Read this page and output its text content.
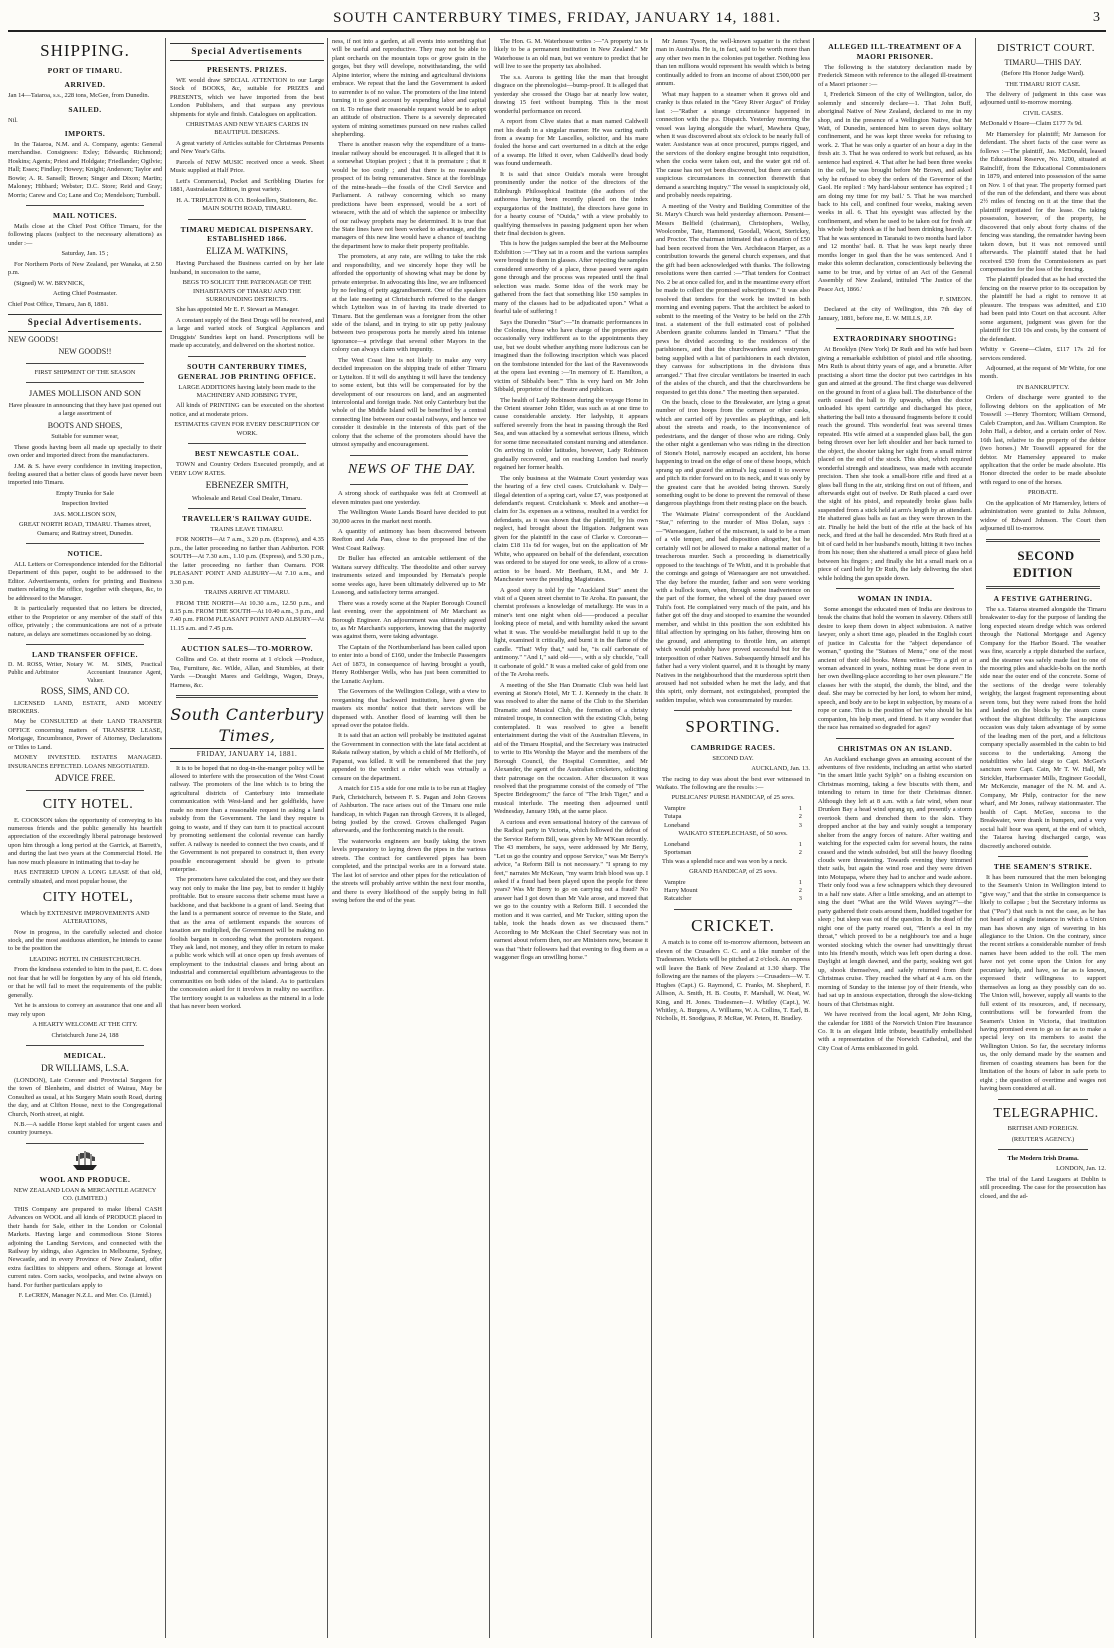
SOUTH CANTERBURY TIMES, FRIDAY, JANUARY 14, 1881.	3
SHIPPING.
PORT OF TIMARU.
ARRIVED.

Jan 14—Taiaroa, s.s., 228 tons, McGee, from Dunedin.

SAILED.

Nil.

IMPORTS.

In the Taiaroa, N.M. and A. Company, agents: General merchandise. Consignees: Exley; Edwards; Richmond; Hoskins; Agents; Priest and Holdgate; Friedlander; Ogilvie; Hall; Essex; Findlay; Howey; Knight; Anderson; Taylor and Bowie; A. R. Sansell; Brown; Singer and Dixon; Martin; Maloney; Hibbard; Webster; D.C. Store; Reid and Gray; Morris; Carew and Co; Lane and Co; Mendelson; Turnbull.

MAIL NOTICES.

Mails close at the Chief Post Office Timaru, for the following places (subject to the necessary alterations) as under :—

Saturday, Jan. 15 ;

For Northern Ports of New Zealand, per Wanaka, at 2.50 p.m.

(Signed) W. W. BRYNICK,

Acting Chief Postmaster.

Chief Post Office, Timaru, Jan 8, 1881.

Special Advertisements.

NEW GOODS!

NEW GOODS!!

FIRST SHIPMENT OF THE SEASON

JAMES MOLLISON AND SON

Have pleasure in announcing that they have just opened out a large assortment of

BOOTS AND SHOES,

Suitable for summer wear,

These goods having been all made up specially to their own order and imported direct from the manufacturers.

J.M. & S. have every confidence in inviting inspection, feeling assured that a better class of goods have never been imported into Timaru.

Empty Trunks for Sale

Inspection Invited

JAS. MOLLISON SON,

GREAT NORTH ROAD, TIMARU. Thames street, Oamaru; and Rattray street, Dunedin.

NOTICE.

ALL Letters or Correspondence intended for the Editorial Department of this paper, ought to be addressed to the Editor. Advertisements, orders for printing and Business matters relating to the office, together with cheques, &c, to be addressed to the Manager.

It is particularly requested that no letters be directed, either to the Proprietor or any member of the staff of this office, privately ; the communications are not of a private nature, as delays are sometimes occasioned by so doing.

LAND TRANSFER OFFICE.
D. M. ROSS, Writer, Notary Public and Arbitrator
W. M. SIMS, Practical Accountant Insurance Agent, Valuer.

ROSS, SIMS, AND CO.

LICENSED LAND, ESTATE, AND MONEY BROKERS.

May be CONSULTED at their LAND TRANSFER OFFICE concerning matters of TRANSFER LEASE, Mortgage, Encumbrance, Power of Attorney, Declarations or Titles to Land.

MONEY INVESTED. ESTATES MANAGED. INSURANCES EFFECTED. LOANS NEGOTIATED.

ADVICE FREE.

CITY HOTEL.

E. COOKSON takes the opportunity of conveying to his numerous friends and the public generally his heartfelt appreciation of the exceedingly liberal patronage bestowed upon him through a long period at the Garrick, at Barrett's, and during the last two years at the Commercial Hotel. He has now much pleasure in intimating that to-day he

HAS ENTERED UPON A LONG LEASE of that old, centrally situated, and most popular house, the

CITY HOTEL,

Which by EXTENSIVE IMPROVEMENTS AND ALTERATIONS,

Now in progress, in the carefully selected and choice stock, and the most assiduous attention, he intends to cause to be the position the

LEADING HOTEL IN CHRISTCHURCH.

From the kindness extended to him in the past, E. C. does not fear that he will be forgotten by any of his old friends, or that he will fail to meet the requirements of the public generally.

Yet he is anxious to convey an assurance that one and all may rely upon

A HEARTY WELCOME AT THE CITY.

Christchurch June 24, 188

MEDICAL.

DR WILLIAMS, L.S.A.

(LONDON), Late Coroner and Provincial Surgeon for the town of Blenheim, and district of Wairau, May be Consulted as usual, at his Surgery Main south Road, during the day, and at Clifton House, next to the Congregational Church, North street, at night.

N.B.—A saddle Horse kept stabled for urgent cases and country journeys.

WOOL AND PRODUCE.

NEW ZEALAND LOAN & MERCANTILE AGENCY CO. (LIMITED.)

THIS Company are prepared to make liberal CASH Advances on WOOL and all kinds of PRODUCE placed in their hands for Sale, either in the London or Colonial Markets. Having large and commodious Stone Stores adjoining the Landing Services, and connected with the Railway by sidings, also Agencies in Melbourne, Sydney, Newcastle, and in every Province of New Zealand, offer extra facilities to shippers and others. Storage at lowest current rates. Corn sacks, woolpacks, and twine always on hand. For further particulars apply to

F. LeCREN, Manager N.Z.L. and Mer. Co. (Limtd.)

Special Advertisements
PRESENTS. PRIZES.

WE would draw SPECIAL ATTENTION to our Large Stock of BOOKS, &c, suitable for PRIZES and PRESENTS, which we have imported from the best London Publishers, and that surpass any previous shipments for style and finish. Catalogues on application.

CHRISTMAS AND NEW YEAR'S CARDS IN BEAUTIFUL DESIGNS.

A great variety of Articles suitable for Christmas Presents and New Year's Gifts.

Parcels of NEW MUSIC received once a week. Sheet Music supplied at Half Price.

Lett's Commercial, Pocket and Scribbling Diaries for 1881, Australasian Edition, in great variety.

H. A. TRIPLETON & CO. Booksellers, Stationers, &c. MAIN SOUTH ROAD, TIMARU.

TIMARU MEDICAL DISPENSARY. ESTABLISHED 1866.

ELIZA M. WATKINS,

Having Purchased the Business carried on by her late husband, in succession to the same,

BEGS TO SOLICIT THE PATRONAGE OF THE INHABITANTS OF TIMARU AND THE SURROUNDING DISTRICTS.

She has appointed Mr E. F. Stewart as Manager.

A constant supply of the Best Drugs will be received, and a large and varied stock of Surgical Appliances and Druggists' Sundries kept on hand. Prescriptions will be made up accurately, and delivered on the shortest notice.

SOUTH CANTERBURY TIMES, GENERAL JOB PRINTING OFFICE.

LARGE ADDITIONS having lately been made to the MACHINERY AND JOBBING TYPE,

All kinds of PRINTING can be executed on the shortest notice, and at moderate prices.

ESTIMATES GIVEN FOR EVERY DESCRIPTION OF WORK.

BEST NEWCASTLE COAL.

TOWN and Country Orders Executed promptly, and at VERY LOW RATES.

EBENEZER SMITH,

Wholesale and Retail Coal Dealer, Timaru.

TRAVELLER'S RAILWAY GUIDE.

TRAINS LEAVE TIMARU.

FOR NORTH—At 7 a.m., 3.20 p.m. (Express), and 4.35 p.m., the latter proceeding no farther than Ashburton. FOR SOUTH—At 7.30 a.m., 1.10 p.m. (Express), and 5.30 p.m., the latter proceeding no farther than Oamaru. FOR PLEASANT POINT AND ALBURY—At 7.10 a.m., and 3.30 p.m.

TRAINS ARRIVE AT TIMARU.

FROM THE NORTH—At 10.30 a.m., 12.50 p.m., and 8.15 p.m. FROM THE SOUTH—At 10.40 a.m., 3 p.m., and 7.40 p.m. FROM PLEASANT POINT AND ALBURY—At 11.15 a.m. and 7.45 p.m.

AUCTION SALES—TO-MORROW.

Collins and Co. at their rooms at 1 o'clock —Produce, Tea, Furniture, &c. Wilde, Allan, and Stumbles, at their Yards —Draught Mares and Geldings, Wagon, Drays, Harness, &c.

South Canterbury Times,
FRIDAY, JANUARY 14, 1881.

It is to be hoped that no dog-in-the-manger policy will be allowed to interfere with the prosecution of the West Coast railway. The promoters of the line which is to bring the agricultural districts of Canterbury into immediate communication with West-land and her goldfields, have made no more than a reasonable request in asking a land subsidy from the Government. The land they require is going to waste, and if they can turn it to practical account by promoting settlement the colonial revenue can hardly suffer. A railway is needed to connect the two coasts, and if the Government is not prepared to construct it, then every possible encouragement should be given to private enterprise.

The promoters have calculated the cost, and they see their way not only to make the line pay, but to render it highly profitable. But to ensure success their scheme must have a backbone, and that backbone is a grant of land. Seeing that the land is a permanent source of revenue to the State, and that as the area of settlement expands the sources of taxation are multiplied, the Government will be making no foolish bargain in conceding what the promoters request. They ask land, not money, and they offer in return to make a public work which will at once open up fresh avenues of employment to the industrial classes and bring about an industrial and commercial equilibrium advantageous to the communities on both sides of the island. As to particulars the concession asked for it involves in reality no sacrifice. The territory sought is as valueless as the mineral in a lode that has never been worked.

ness, if not into a garden, at all events into something that will be useful and reproductive. They may not be able to plant orchards on the mountain tops or grow grain in the gorges, but they will develope, notwithstanding, the wild Alpine interior, where the mining and agricultural divisions embrace. We repeat that the land the Government is asked to surrender is of no value. The promoters of the line intend turning it to good account by expending labor and capital on it. To refuse their reasonable request would be to adopt an attitude of obstruction. There is a severely deprecated system of mining sometimes pursued on new rushes called shepherding.

There is another reason why the expenditure of a trans-insular railway should be encouraged. It is alleged that it is a somewhat Utopian project ; that it is premature ; that it would be too costly ; and that there is no reasonable prospect of its being remunerative. Since at the foreblings of the mine-heads—the fossils of the Civil Service and Parliament. A railway concerning which so many predictions have been expressed, would be a sort of wiseacre, with the aid of which the sapience or imbecility of our railway prophets may be determined. It is true that the State lines have not been worked to advantage, and the managers of this new line would have a chance of teaching the department how to make their property profitable.

The promoters, at any rate, are willing to take the risk and responsibility, and we sincerely hope they will be afforded the opportunity of showing what may be done by private enterprise. In advocating this line, we are influenced by no feeling of petty aggrandisement. One of the speakers at the late meeting at Christchurch referred to the danger which Lyttelton was in of having its trade diverted to Timaru. But the gentleman was a foreigner from the other side of the island, and in trying to stir up petty jealousy between two prosperous ports he merely aired his intense ignorance—a privilege that several other Mayors in the colony can always claim with impunity.

The West Coast line is not likely to make any very decided impression on the shipping trade of either Timaru or Lyttelton. If it will do anything it will have the tendency to some extent, but this will be compensated for by the development of our resources on land, and an augmented intercolonial and foreign trade. Not only Canterbury but the whole of the Middle Island will be benefited by a central connecting line between our coastal railways, and hence we consider it desirable in the interests of this part of the colony that the scheme of the promoters should have the utmost sympathy and encouragement.

NEWS OF THE DAY.

A strong shock of earthquake was felt at Cromwell at eleven minutes past one yesterday.

The Wellington Waste Lands Board have decided to put 30,000 acres in the market next month.

A quantity of antimony has been discovered between Reefton and Ada Pass, close to the proposed line of the West Coast Railway.

Dr Buller has effected an amicable settlement of the Waitara survey difficulty. The theodolite and other survey instruments seized and impounded by Hemata's people some weeks ago, have been ultimately delivered up to Mr Loasong, and satisfactory terms arranged.

There was a rowdy scene at the Napier Borough Council last evening, over the appointment of Mr Marchant as Borough Engineer. An adjournment was ultimately agreed to, as Mr Marchant's supporters, knowing that the majority was against them, were taking advantage.

The Captain of the Northumberland has been called upon to enter into a bond of £160, under the Imbecile Passengers Act of 1873, in consequence of having brought a youth, Henry Rothberger Wells, who has just been committed to the Lunatic Asylum.

The Governors of the Wellington College, with a view to reorganising that backward institution, have given the masters six months' notice that their services will be dispensed with. Another flood of learning will then be spread over the potatoe fields.

It is said that an action will probably be instituted against the Government in connection with the late fatal accident at Rakaia railway station, by which a child of Mr Hefford's, of Papanui, was killed. It will be remembered that the jury appended to the verdict a rider which was virtually a censure on the department.

A match for £15 a side for one mile is to be run at Hagley Park, Christchurch, between F. S. Pagan and John Groves of Ashburton. The race arises out of the Timaru one mile handicap, in which Pagan ran through Groves, it is alleged, being jostled by the crowd. Groves challenged Pagan afterwards, and the forthcoming match is the result.

The waterworks engineers are busily taking the town levels preparatory to laying down the pipes in the various streets. The contract for cantilevered pipes has been completed, and the principal works are in a forward state. The last lot of service and other pipes for the reticulation of the streets will probably arrive within the next four months, and there is every likelihood of the supply being in full swing before the end of the year.

The Hon. G. M. Waterhouse writes :—"A property tax is likely to be a permanent institution in New Zealand." Mr Waterhouse is an old man, but we venture to predict that he will live to see the property tax abolished.

The s.s. Aurora is getting like the man that brought disgrace on the phrenologist—bump-proof. It is alleged that yesterday she crossed the Otago bar at nearly low water, drawing 15 feet without bumping. This is the most wonderful performance on record.

A report from Clive states that a man named Caldwell met his death in a singular manner. He was carting earth from a swamp for Mr Lascelles, solicitor, and his mare fouled the horse and cart overturned in a ditch at the edge of a swamp. He lifted it over, when Caldwell's dead body was found underneath.

It is said that since Ouida's morals were brought prominently under the notice of the directors of the Edinburgh Philosophical Institute (the authors of the authoress having been recently placed on the index expurgatorius of the Institute), the directors have gone in for a hearty course of "Ouida," with a view probably to qualifying themselves in passing judgment upon her when their final decision is given.

This is how the judges sampled the beer at the Melbourne Exhibition :—"They sat in a room and the various samples were brought to them in glasses. After rejecting the samples considered unworthy of a place, those passed were again gone through and the process was repeated until the final selection was made. Some idea of the work may be gathered from the fact that something like 150 samples in many of the classes had to be adjudicated upon." What a fearful tale of suffering !

Says the Dunedin "Star":—"In dramatic performances in the Colonies, those who have charge of the properties are occasionally very indifferent as to the appointments they use, but we doubt whether anything more ludicrous can be imagined than the following inscription which was placed on the tombstone intended for the last of the Ravenswoods at the opera last evening :—'In memory of E. Hamilton, a victim of Sibbald's beer.'" This is very hard on Mr John Sibbald, proprietor of the theatre and publican.

The health of Lady Robinson during the voyage Home in the Orient steamer John Elder, was such as at one time to cause considerable anxiety. Her ladyship, it appears suffered severely from the heat in passing through the Red Sea, and was attacked by a somewhat serious illness, which for some time necessitated constant nursing and attendance. On arriving in colder latitudes, however, Lady Robinson gradually recovered, and on reaching London had nearly regained her former health.

The only business at the Waimate Court yesterday was the hearing of a few civil cases. Cruickshank v. Daly—illegal detention of a spring cart, value £7, was postponed at defendant's request. Cruickshank v. Meek and another—a claim for 3s. expenses as a witness, resulted in a verdict for defendants, as it was shown that the plaintiff, by his own neglect, had brought about the litigation. Judgment was given for the plaintiff in the case of Clarke v. Corcoran—claim £18 11s 6d for wages, but on the application of Mr White, who appeared on behalf of the defendant, execution was ordered to be stayed for one week, to allow of a cross-action to be heard. Mr Beetham, R.M., and Mr J. Manchester were the presiding Magistrates.

A good story is told by the "Auckland Star" anent the visit of a Queen street chemist to Te Aroha. En passant, the chemist professes a knowledge of metallurgy. He was in a miner's tent one night when old——produced a peculiar looking piece of metal, and with humility asked the savant what it was. The would-be metallurgist held it up to the light, examined it critically, and burnt it in the flame of the candle. "That! Why that," said he, "is calf carbonate of antimony." "And I," said old——, with a sly chuckle, "call it carbonate of gold." It was a melted cake of gold from one of the Te Aroha reefs.

A meeting of the She Han Dramatic Club was held last evening at Stone's Hotel, Mr T. J. Kennedy in the chair. It was resolved to alter the name of the Club to the Sheridan Dramatic and Musical Club, the formation of a christy minstrel troupe, in connection with the existing Club, being contemplated. It was resolved to give a benefit entertainment during the visit of the Australian Elevens, in aid of the Timaru Hospital, and the Secretary was instructed to write to His Worship the Mayor and the members of the Borough Council, the Hospital Committee, and Mr Alexander, the agent of the Australian cricketers, soliciting their patronage on the occasion. After discussion it was resolved that the programme consist of the comedy of "The Spectre Bridegroom;" the farce of "The Irish Tiger," and a musical interlude. The meeting then adjourned until Wednesday, January 19th, at the same place.

A curious and even sensational history of the canvass of the Radical party in Victoria, which followed the defeat of the Service Reform Bill, was given by Mr M'Kean recently. The 43 members, he says, were addressed by Mr Berry, "Let us go the country and oppose Service," was Mr Berry's advice, "a Reform Bill is not necessary." "I sprang to my feet," narrates Mr McKean, "my warm Irish blood was up. I asked if a fraud had been played upon the people for three years? Was Mr Berry to go on carrying out a fraud? No answer had I got down than Mr Vale arose, and moved that we go to the country with a Reform Bill. I seconded the motion and it was carried, and Mr Tucker, sitting upon the table, took the heads down as we discussed them." According to Mr McKean the Chief Secretary was not in earnest about reform then, nor are Ministers now, because it was that "their followers had that evening to flog them as a waggoner flogs an unwilling horse."

Mr James Tyson, the well-known squatter is the richest man in Australia. He is, in fact, said to be worth more than any other two men in the colonies put together. Nothing less than ten millions would represent his wealth which is being continually added to from an income of about £500,000 per annum.

What may happen to a steamer when it grows old and cranky is thus related in the "Grey River Argus" of Friday last :—"Rather a strange circumstance happened in connection with the p.s. Dispatch. Yesterday morning the vessel was laying alongside the wharf, Mawhera Quay, when it was discovered about six o'clock to be nearly full of water. Assistance was at once procured, pumps rigged, and the services of the donkey engine brought into requisition, when the cocks were taken out, and the water got rid of. The cause has not yet been discovered, but there are certain suspicious circumstances in connection therewith that demand a searching inquiry." The vessel is suspiciously old, and probably needs repairing.

A meeting of the Vestry and Building Committee of the St. Mary's Church was held yesterday afternoon. Present—Messrs Belfield (chairman), Christophers, Wellsy, Woolcombe, Tate, Hammond, Goodall, Wacot, Sterickey, and Proctor. The chairman intimated that a donation of £50 had been received from the Ven. Archdeacon Harper, as a contribution towards the general church expenses, and that the gift had been acknowledged with thanks. The following resolutions were then carried :—"That tenders for Contract No. 2 be at once called for, and in the meantime every effort be made to collect the promised subscriptions." It was also resolved that tenders for the work be invited in both morning and evening papers. That the architect be asked to submit to the meeting of the Vestry to be held on the 27th inst. a statement of the full estimated cost of polished Aberdeen granite columns landed in Timaru." "That the pews be divided according to the residences of the parishioners, and that the churchwardens and vestrymen being supplied with a list of parishioners in each division, they canvass for subscriptions in the divisions thus arranged." That five circular ventilators be inserted in each of the aisles of the church, and that the churchwardens be requested to get this done." The meeting then separated.

On the beach, close to the Breakwater, are lying a great number of iron hoops from the cement or other casks, which are carried off by juveniles as playthings, and left about the streets and roads, to the inconvenience of pedestrians, and the danger of those who are riding. Only the other night a gentleman who was riding in the direction of Stone's Hotel, narrowly escaped an accident, his horse happening to tread on the edge of one of these hoops, which sprang up and grazed the animal's leg caused it to swerve and pitch its rider forward on to its neck, and it was only by the greatest care that he avoided being thrown. Surely something ought to be done to prevent the removal of these dangerous playthings from their resting place on the beach.

The Waimate Plains' correspondent of the Auckland "Star," referring to the murder of Miss Dolan, says :—"Wareaogare, father of the miscreant, is said to be a man of a vile temper, and bad disposition altogether, but he certainly will not be allowed to make a national matter of a treacherous murder. Such a proceeding is diametrically opposed to the teachings of Te Whiti, and it is probable that the comings and goings of Wareaogare are not unwatched. The day before the murder, father and son were working with a bullock team, when, through some inadvertence on the part of the former, the wheel of the dray passed over Tuhi's foot. He complained very much of the pain, and his father got off the dray and stooped to examine the wounded member, and whilst in this position the son exhibited his filial affection by springing on his father, throwing him on the ground, and attempting to throttle him, an attempt which would probably have proved successful but for the interposition of other Natives. Subsequently himself and his father had a very violent quarrel, and it is thought by many Natives in the neighbourhood that the murderous spirit then aroused had not subsided when he met the lady, and that this spirit, only dormant, not extinguished, prompted the sudden impulse, which was consummated by murder.

SPORTING.
CAMBRIDGE RACES.

SECOND DAY.

AUCKLAND, Jan. 13.

The racing to day was about the best ever witnessed in Waikato. The following are the results :—

PUBLICANS' PURSE HANDICAP, of 25 sovs.

Vampire	1
Tutapa	2
Loneband	3

WAIKATO STEEPLECHASE, of 50 sovs.

Loneband	1
Sportsman	2

This was a splendid race and was won by a neck.

GRAND HANDICAP, of 25 sovs.

Vampire	1
Harry Mount	2
Ratcatcher	3
CRICKET.

A match is to come off to-morrow afternoon, between an eleven of the Crusaders C. C. and a like number of the Tradesmen. Wickets will be pitched at 2 o'clock. An express will leave the Bank of New Zealand at 1.30 sharp. The following are the names of the players :—Crusaders—W. T. Hughes (Capt.) G. Raymond, C. Franks, M. Shepherd, F. Allison, A. Smith, H. B. Coutts, F. Marshall, W. Neat, W. King, and H. Jones. Tradesmen—J. Whitley (Capt.), W. Whitley, A. Burgess, A. Williams, W. A. Collins, T. Earl, B. Nicholls, H. Snodgrass, P. McRae, W. Peters, H. Bradley.

ALLEGED ILL-TREATMENT OF A MAORI PRISONER.

The following is the statutory declaration made by Frederick Simeon with reference to the alleged ill-treatment of a Maori prisoner :—

I, Frederick Simeon of the city of Wellington, tailor, do solemnly and sincerely declare—1. That John Buff, aboriginal Native of New Zealand, declared to me in my shop, and in the presence of a Wellington Native, that Mr Watt, of Dunedin, sentenced him to seven days solitary confinement, and he was kept three weeks for refusing to work. 2. That he was only a quarter of an hour a day in the fresh air. 3. That he was ordered to work but refused, as his sentence had expired. 4. That after he had been three weeks in the cell, he was brought before Mr Brown, and asked why he refused to obey the orders of the Governor of the Gaol. He replied : 'My hard-labour sentence has expired ; I am doing my time for my bail.' 5. That he was marched back to his cell, and confined four weeks, making seven weeks in all. 6. That his eyesight was affected by the confinement, and when he used to be taken out for fresh air his whole body shook as if he had been drinking heavily. 7. That he was sentenced in Taranaki to two months hard labor and 12 months' bail. 8. That he was kept nearly three months longer in gaol than the he was sentenced. And I make this solemn declaration, conscientiously believing the same to be true, and by virtue of an Act of the General Assembly of New Zealand, intituled 'The Justice of the Peace Act, 1866.'

F. SIMEON.

Declared at the city of Wellington, this 7th day of January, 1881, before me, E. W. MILLS, J.P.

EXTRAORDINARY SHOOTING:

At Brooklyn (New York) Dr Ruth and his wife had been giving a remarkable exhibition of pistol and rifle shooting. Mrs Ruth is about thirty years of age, and a brunette. After practising a short time the doctor put two cartridges in his gun and aimed at the ground. The first charge was delivered on the ground in front of a glass ball. The disturbance of the earth caused the ball to fly upwards, when the doctor unloaded his spent cartridge and discharged his piece, shattering the ball into a thousand fragments before it could reach the ground. This wonderful feat was several times repeated. His wife aimed at a suspended glass ball, the gun being thrown over her left shoulder and her back turned to the object, the shooter taking her sight from a small mirror placed on the end of the stock. This shot, which required wonderful strength and steadiness, was made with accurate precision. Then she took a small-bore rifle and fired at a glass ball flung in the air, striking first on out of fifteen, and afterwards eight out of twelve. Dr Ruth placed a card over the sight of his pistol, and repeatedly broke glass balls suspended from a stick held at arm's length by an attendant. He shattered glass balls as fast as they were thrown in the air. Finally he held the butt of the rifle at the back of his neck, and fired at the ball he descended. Mrs Ruth fired at a bit of card held in her husband's mouth, hitting it two inches from his nose; then she shattered a small piece of glass held between his fingers ; and finally she hit a small mark on a piece of card held by Dr Ruth, the lady delivering the shot while holding the gun upside down.

WOMAN IN INDIA.

Some amongst the educated men of India are desirous to break the chains that hold the women in slavery. Others still desire to keep them down in abject submission. A native lawyer, only a short time ago, pleaded in the English court of justice in Calcutta for the "abject dependance of woman," quoting the "Statues of Menu," one of the most ancient of their old books. Menu writes—"By a girl or a woman advanced in years, nothing must be done even in her own dwelling-place according to her own pleasure." He classes her with the stupid, the dumb, the blind, and the deaf. She may be corrected by her lord, to whom her mind, speech, and body are to be kept in subjection, by means of a rope or cane. This is the position of her who should be his companion, his help meet, and friend. Is it any wonder that the race has remained so degraded for ages?

CHRISTMAS ON AN ISLAND.

An Auckland exchange gives an amusing account of the adventures of five residents, including an artist who started "in the smart little yacht Sylph" on a fishing excursion on Christmas morning, taking a few biscuits with them, and intending to return in time for their Christmas dinner. Although they left at 8 a.m. with a fair wind, when near Drunken Bay a head wind sprang up, and presently a storm overtook them and drenched them to the skin. They dropped anchor at the bay and vainly sought a temporary shelter from the angry forces of nature. After waiting and watching for the expected calm for several hours, the rains ceased and the winds subsided, but still the heavy flooding clouds were threatening. Towards evening they trimmed their sails, but again the wind rose and they were driven into Motupapa, where they had to anchor and wade ashore. Their only food was a few schnappers which they devoured in a half raw state. After a little smoking, and an attempt to sing the duet "What are the Wild Waves saying?"—the party gathered their coats around them, huddled together for sleep ; but sleep was out of the question. In the dead of the night one of the party roared out, "Here's a eel in my throat," which proved to be a neighbour's toe and a huge worsted stocking which the owner had unwittingly thrust into his friend's mouth, which was left open during a dose. Daylight at length dawned, and the party, soaking wet got up, shook themselves, and safely returned from their Christmas cruise. They reached the wharf at 4 a.m. on the morning of Sunday to the intense joy of their friends, who had sat up in anxious expectation, through the slow-ticking hours of that Christmas night.

We have received from the local agent, Mr John King, the calendar for 1881 of the Norwich Union Fire Insurance Co. It is an elegant little tribute, beautifully embellished with a representation of the Norwich Cathedral, and the City Coat of Arms emblazoned in gold.

DISTRICT COURT.

TIMARU—THIS DAY.

(Before His Honor Judge Ward).

THE TIMARU RIOT CASE.

The delivery of judgment in this case was adjourned until to-morrow morning.

CIVIL CASES.

McDonald v Hoare—Claim £177 7s 9d.

Mr Hamersley for plaintiff; Mr Jameson for defendant. The short facts of the case were as follows :—The plaintiff, Jas. McDonald, leased the Educational Reserve, No. 1200, situated at Raincliff, from the Educational Commissioners in 1879, and entered into possession of the same on Nov. 1 of that year. The property formed part of the run of the defendant, and there was about 2½ miles of fencing on it at the time that the plaintiff negotiated for the lease. On taking possession, however, of the property, he discovered that only about forty chains of the fencing was standing, the remainder having been taken down, but it was not removed until afterwards. The plaintiff stated that he had received £50 from the Commissioners as part compensation for the loss of the fencing.

The plaintiff pleaded that as he had erected the fencing on the reserve prior to its occupation by the plaintiff he had a right to remove it at pleasure. The trespass was admitted, and £10 had been paid into Court on that account. After some argument, judgment was given for the plaintiff for £10 10s and costs, by the consent of the defendant.

Whitty v Greene—Claim, £117 17s 2d for services rendered.

Adjourned, at the request of Mr White, for one month.

IN BANKRUPTCY.

Orders of discharge were granted to the following debtors on the application of Mr Tosswill :—Henry Thornton; William Ormond, Caleb Crampton, and Jas. William Crampton. Re John Hall, a debtor, and a certain order of Nov. 16th last, relative to the property of the debtor (two horses.) Mr Tosswill appeared for the debtor. Mr Hamersley appeared to make application that the order be made absolute. His Honor directed the order to be made absolute with regard to one of the horses.

PROBATE.

On the application of Mr Hamersley, letters of administration were granted to Julia Johnson, widow of Edward Johnson. The Court then adjourned till to-morrow.

SECOND EDITION

A FESTIVE GATHERING.

The s.s. Taiaroa steamed alongside the Timaru breakwater to-day for the purpose of landing the long expected steam dredge which was ordered through the National Mortgage and Agency Company for the Harbor Board. The weather was fine, scarcely a ripple disturbed the surface, and the steamer was safely made fast to one of the mooring piles and shackle-bolts on the north side near the outer end of the concrete. Some of the sections of the dredge were tolerably weighty, the largest fragment representing about seven tons, but they were raised from the hold and landed on the blocks by the steam crane without the slightest difficulty. The auspicious occasion was duly taken advantage of by some of the leading men of the port, and a felicitous company specially assembled in the cabin to bid success to the undertaking. Among the notabilities who laid siege to Capt. McGee's sanctum were Capt. Cain, Mr T. W. Hall, Mr Strickler, Harbormaster Mills, Engineer Goodall, Mr McKenzie, manager of the N. M. and A. Company, Mr Philp, contractor for the new wharf, and Mr Jones, railway stationmaster. The health of Capt. McGee, success to the Breakwater, were drank in bumpers, and a very social half hour was spent, at the end of which, the Taiaroa having discharged cargo, was discreetly anchored outside.

THE SEAMEN'S STRIKE.

It has been rumoured that the men belonging to the Seamen's Union in Wellington intend to "give way," and that the strike in consequence is likely to collapse ; but the Secretary informs us that ("Pea") that such is not the case, as he has not heard of a single instance in which a Union man has shown any sign of wavering in his allegiance to the Union. On the contrary, since the recent strikes a considerable number of fresh names have been added to the roll. The men have not yet come upon the Union for any pecuniary help, and have, so far as is known, expressed their willingness to support themselves as long as they possibly can do so. The Union will, however, supply all wants to the full extent of its resources, and, if necessary, contributions will be forwarded from the Seamen's Union in Victoria, that institution having promised even to go so far as to make a special levy on its members to assist the Wellington Union. So far, the secretary informs us, the only demand made by the seamen and firemen of coasting steamers has been for the limitation of the hours of labor in safe ports to eight ; the question of overtime and wages not having been considered at all.

TELEGRAPHIC.

BRITISH AND FOREIGN.

(REUTER'S AGENCY.)

The Modern Irish Drama.

LONDON, Jan. 12.

The trial of the Land Leaguers at Dublin is still proceeding. The case for the prosecution has closed, and the ad-
